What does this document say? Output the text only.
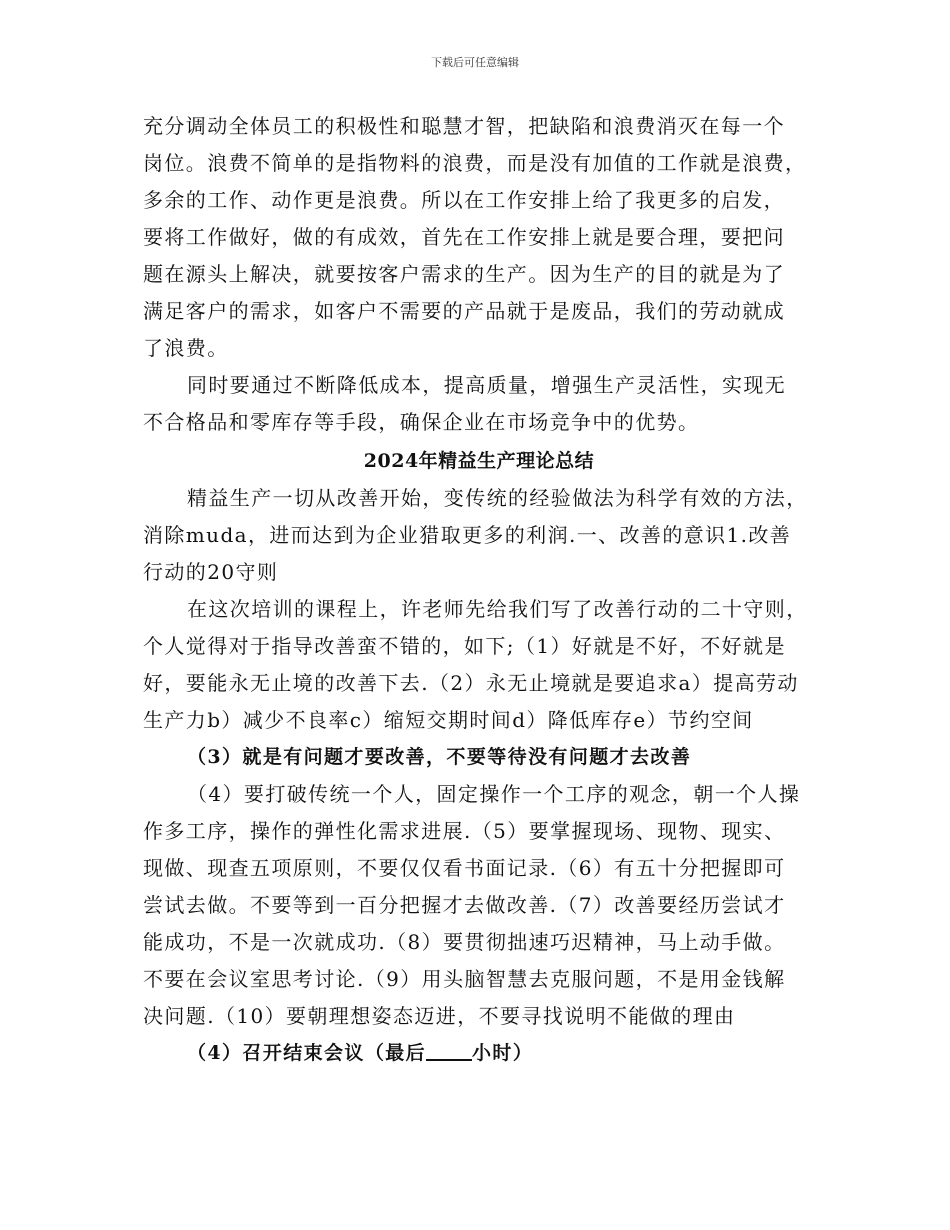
下载后可任意编辑

充分调动全体员工的积极性和聪慧才智，把缺陷和浪费消灭在每一个
岗位。浪费不简单的是指物料的浪费，而是没有加值的工作就是浪费，
多余的工作、动作更是浪费。所以在工作安排上给了我更多的启发，
要将工作做好，做的有成效，首先在工作安排上就是要合理，要把问
题在源头上解决，就要按客户需求的生产。因为生产的目的就是为了
满足客户的需求，如客户不需要的产品就于是废品，我们的劳动就成
了浪费。

同时要通过不断降低成本，提高质量，增强生产灵活性，实现无
不合格品和零库存等手段，确保企业在市场竞争中的优势。

2024年精益生产理论总结

精益生产一切从改善开始，变传统的经验做法为科学有效的方法，
消除muda，进而达到为企业猎取更多的利润.一、改善的意识1.改善
行动的20守则

在这次培训的课程上，许老师先给我们写了改善行动的二十守则，
个人觉得对于指导改善蛮不错的，如下;（1）好就是不好，不好就是
好，要能永无止境的改善下去.（2）永无止境就是要追求a）提高劳动
生产力b）减少不良率c）缩短交期时间d）降低库存e）节约空间

（3）就是有问题才要改善，不要等待没有问题才去改善

（4）要打破传统一个人，固定操作一个工序的观念，朝一个人操
作多工序，操作的弹性化需求进展.（5）要掌握现场、现物、现实、
现做、现查五项原则，不要仅仅看书面记录.（6）有五十分把握即可
尝试去做。不要等到一百分把握才去做改善.（7）改善要经历尝试才
能成功，不是一次就成功.（8）要贯彻拙速巧迟精神，马上动手做。
不要在会议室思考讨论.（9）用头脑智慧去克服问题，不是用金钱解
决问题.（10）要朝理想姿态迈进，不要寻找说明不能做的理由

（4）召开结束会议（最后 小时）
